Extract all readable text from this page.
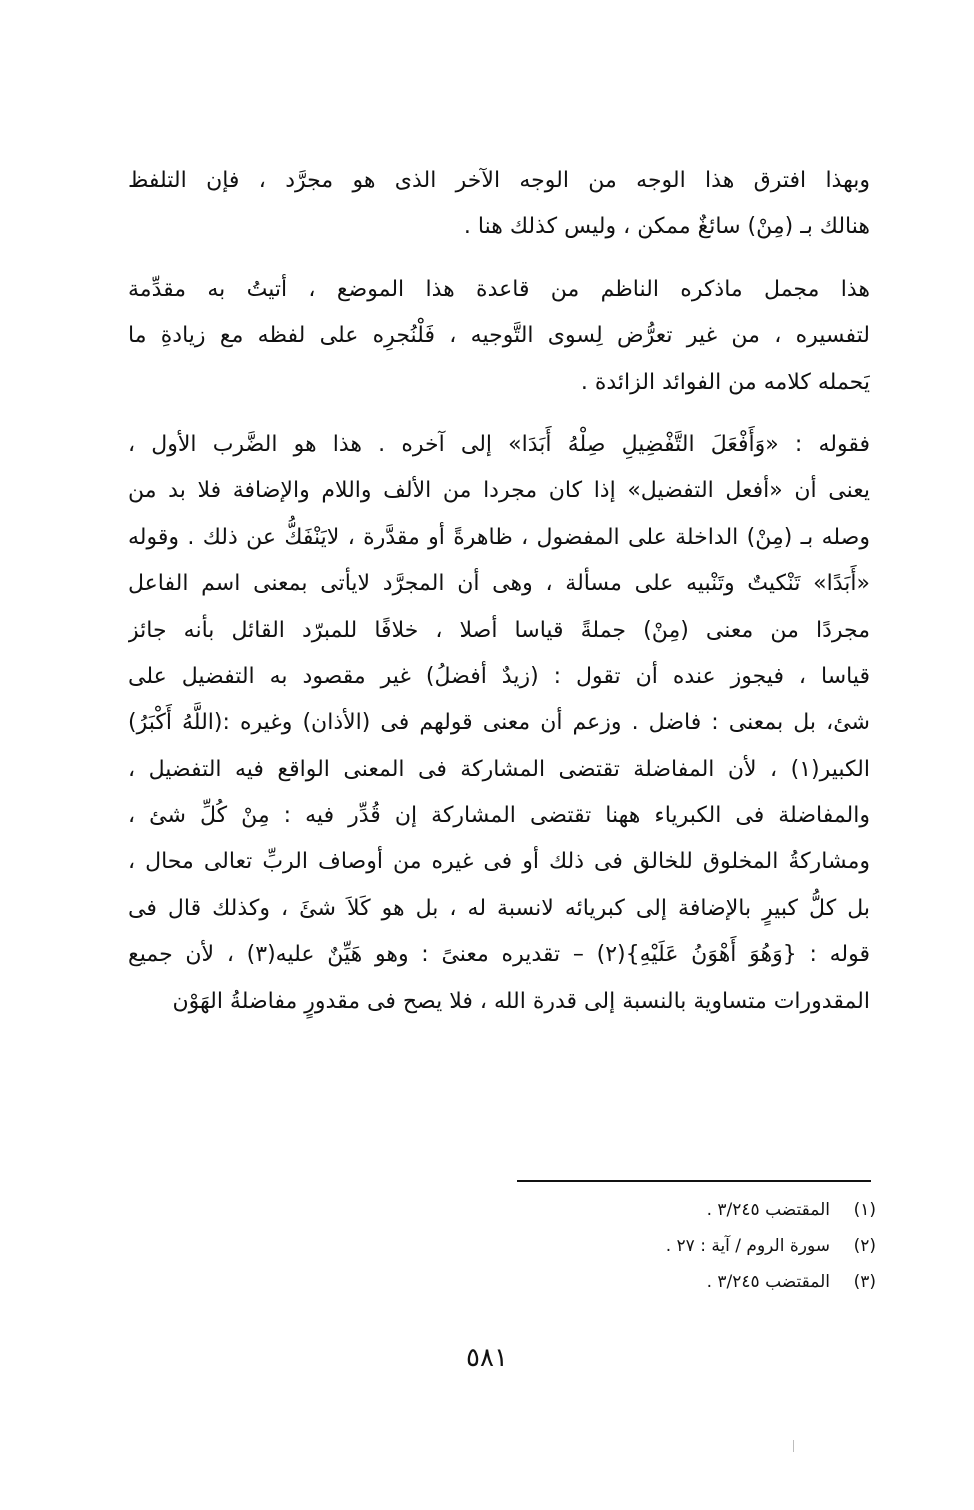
وبهذا افترق هذا الوجه من الوجه الآخر الذى هو مجرَّد ، فإن التلفظ
هنالك بـ (مِنْ) سائغٌ ممكن ، وليس كذلك هنا .
هذا مجمل ماذكره الناظم من قاعدة هذا الموضع ، أتيتُ به مقدِّمة
لتفسيره ، من غير تعرُّض لِسوى التَّوجيه ، فَلْنُجرِه على لفظه مع زيادةِ ما
يَحمله كلامه من الفوائد الزائدة .
فقوله : «وَأَفْعَلَ التَّفْضِيلِ صِلْهُ أَبَدَا» إلى آخره . هذا هو الضَّرب الأول ،
يعنى أن «أفعل التفضيل» إذا كان مجردا من الألف واللام والإضافة فلا بد من
وصله بـ (مِنْ) الداخلة على المفضول ، ظاهرةً أو مقدَّرة ، لايَنْفَكُّ عن ذلك . وقوله
«أَبَدًا» تَنْكيتٌ وتَنْبيه على مسألة ، وهى أن المجرَّد لايأتى بمعنى اسم الفاعل
مجردًا من معنى (مِنْ) جملةً قياسا أصلا ، خلافًا للمبرّد القائل بأنه جائز
قياسا ، فيجوز عنده أن تقول : (زيدٌ أفضلُ) غير مقصود به التفضيل على
شئ، بل بمعنى : فاضل . وزعم أن معنى قولهم فى (الأذان) وغيره :(اللَّهُ أَكْبَرُ)
الكبير(١) ، لأن المفاضلة تقتضى المشاركة فى المعنى الواقع فيه التفضيل ،
والمفاضلة فى الكبرياء ههنا تقتضى المشاركة إن قُدِّر فيه : مِنْ كُلِّ شئ ،
ومشاركةُ المخلوق للخالق فى ذلك أو فى غيره من أوصاف الربِّ تعالى محال ،
بل كلُّ كبيرٍ بالإضافة إلى كبريائه لانسبة له ، بل هو كَلاَ شئَ ، وكذلك قال فى
قوله : {وَهُوَ أَهْوَنُ عَلَيْهِ}(٢) – تقديره معنىً : وهو هَيِّنٌ عليه(٣) ، لأن جميع
المقدورات متساوية بالنسبة إلى قدرة الله ، فلا يصح فى مقدورٍ مفاضلةُ الهَوْن
(١)
المقتضب ٣/٢٤٥ .
(٢)
سورة الروم / آية : ٢٧ .
(٣)
المقتضب ٣/٢٤٥ .
٥٨١
